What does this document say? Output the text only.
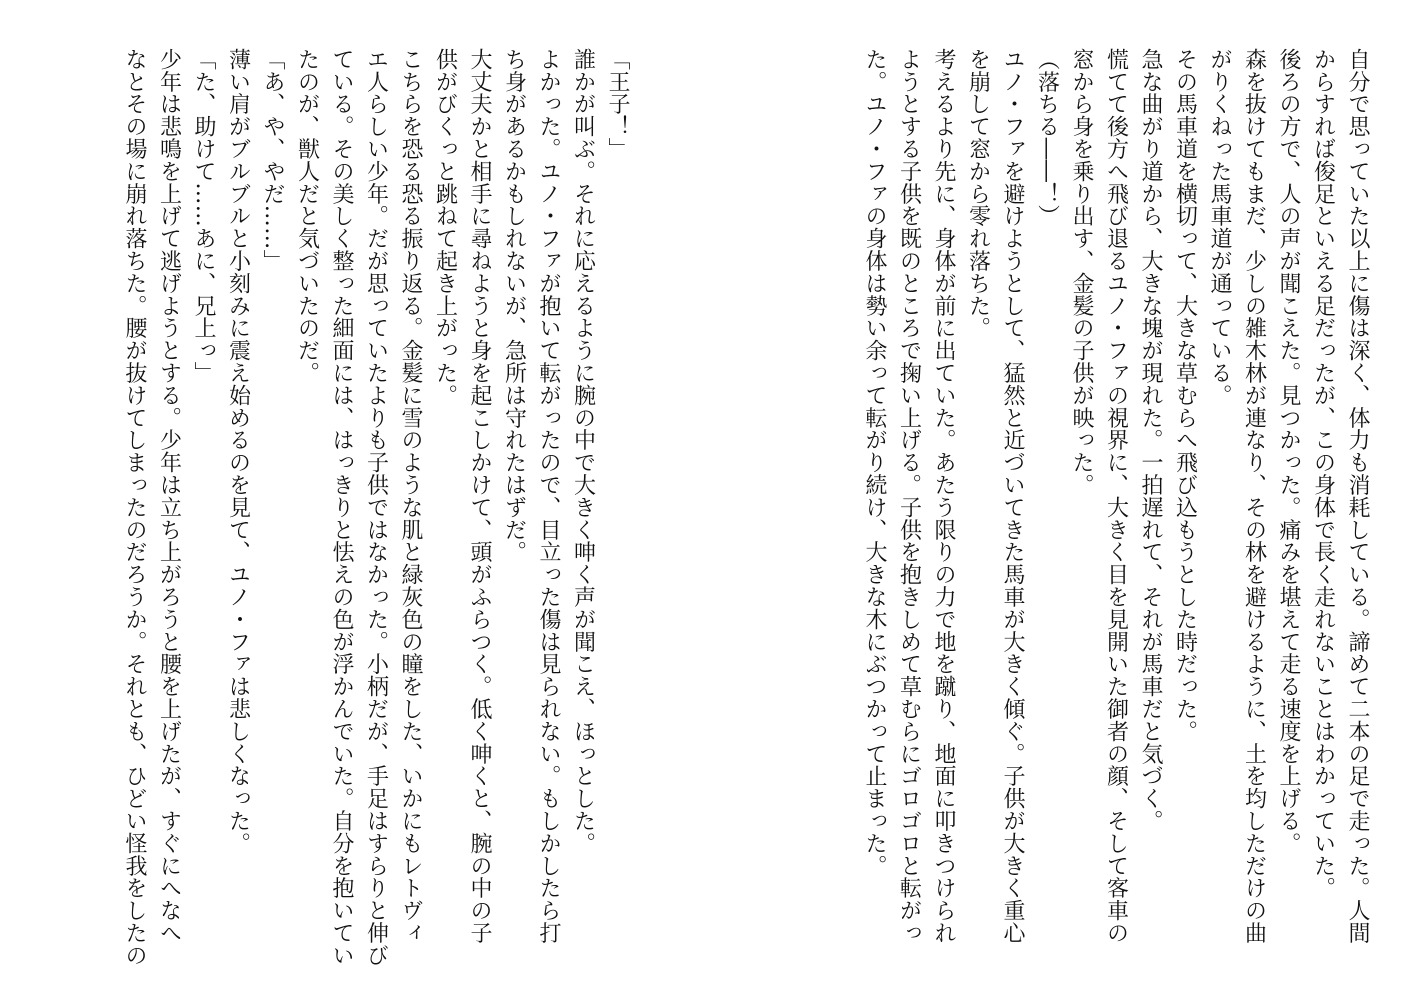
自分で思っていた以上に傷は深く、体力も消耗している。諦めて二本の足で走った。人間
からすれば俊足といえる足だったが、この身体で長く走れないことはわかっていた。
後ろの方で、人の声が聞こえた。見つかった。痛みを堪えて走る速度を上げる。
森を抜けてもまだ、少しの雑木林が連なり、その林を避けるように、土を均しただけの曲
がりくねった馬車道が通っている。
その馬車道を横切って、大きな草むらへ飛び込もうとした時だった。
急な曲がり道から、大きな塊が現れた。一拍遅れて、それが馬車だと気づく。
慌てて後方へ飛び退るユノ・ファの視界に、大きく目を見開いた御者の顔、そして客車の
窓から身を乗り出す、金髪の子供が映った。
（落ちる――！）
ユノ・ファを避けようとして、猛然と近づいてきた馬車が大きく傾ぐ。子供が大きく重心
を崩して窓から零れ落ちた。
考えるより先に、身体が前に出ていた。あたう限りの力で地を蹴り、地面に叩きつけられ
ようとする子供を既のところで掬い上げる。子供を抱きしめて草むらにゴロゴロと転がっ
た。ユノ・ファの身体は勢い余って転がり続け、大きな木にぶつかって止まった。
「王子！」
誰かが叫ぶ。それに応えるように腕の中で大きく呻く声が聞こえ、ほっとした。
よかった。ユノ・ファが抱いて転がったので、目立った傷は見られない。もしかしたら打
ち身があるかもしれないが、急所は守れたはずだ。
大丈夫かと相手に尋ねようと身を起こしかけて、頭がふらつく。低く呻くと、腕の中の子
供がびくっと跳ねて起き上がった。
こちらを恐る恐る振り返る。金髪に雪のような肌と緑灰色の瞳をした、いかにもレトヴィ
エ人らしい少年。だが思っていたよりも子供ではなかった。小柄だが、手足はすらりと伸び
ている。その美しく整った細面には、はっきりと怯えの色が浮かんでいた。自分を抱いてい
たのが、獣人だと気づいたのだ。
「あ、や、やだ……」
薄い肩がブルブルと小刻みに震え始めるのを見て、ユノ・ファは悲しくなった。
「た、助けて……あに、兄上っ」
少年は悲鳴を上げて逃げようとする。少年は立ち上がろうと腰を上げたが、すぐにへなへ
なとその場に崩れ落ちた。腰が抜けてしまったのだろうか。それとも、ひどい怪我をしたの
